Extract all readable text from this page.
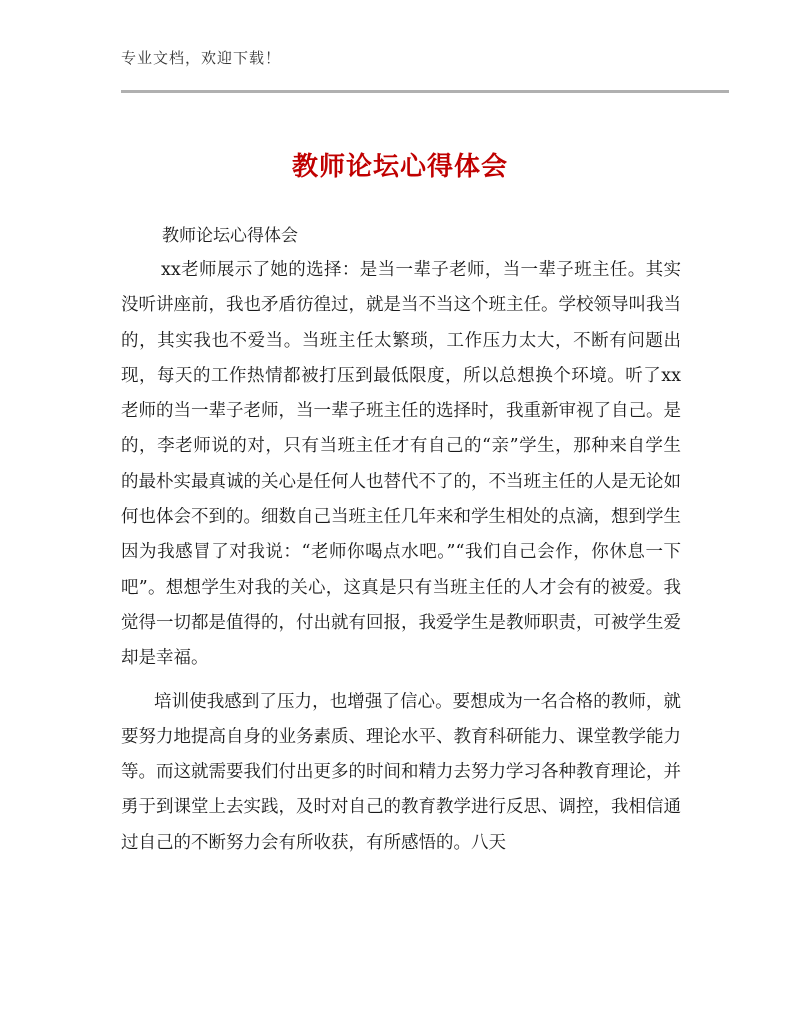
专业文档，欢迎下载！
教师论坛心得体会
教师论坛心得体会

xx老师展示了她的选择：是当一辈子老师，当一辈子班主任。其实没听讲座前，我也矛盾彷徨过，就是当不当这个班主任。学校领导叫我当的，其实我也不爱当。当班主任太繁琐，工作压力太大，不断有问题出现，每天的工作热情都被打压到最低限度，所以总想换个环境。听了xx老师的当一辈子老师，当一辈子班主任的选择时，我重新审视了自己。是的，李老师说的对，只有当班主任才有自己的“亲”学生，那种来自学生的最朴实最真诚的关心是任何人也替代不了的，不当班主任的人是无论如何也体会不到的。细数自己当班主任几年来和学生相处的点滴，想到学生因为我感冒了对我说：“老师你喝点水吧。”“我们自己会作，你休息一下吧”。想想学生对我的关心，这真是只有当班主任的人才会有的被爱。我觉得一切都是值得的，付出就有回报，我爱学生是教师职责，可被学生爱却是幸福。

培训使我感到了压力，也增强了信心。要想成为一名合格的教师，就要努力地提高自身的业务素质、理论水平、教育科研能力、课堂教学能力等。而这就需要我们付出更多的时间和精力去努力学习各种教育理论，并勇于到课堂上去实践，及时对自己的教育教学进行反思、调控，我相信通过自己的不断努力会有所收获，有所感悟的。八天
